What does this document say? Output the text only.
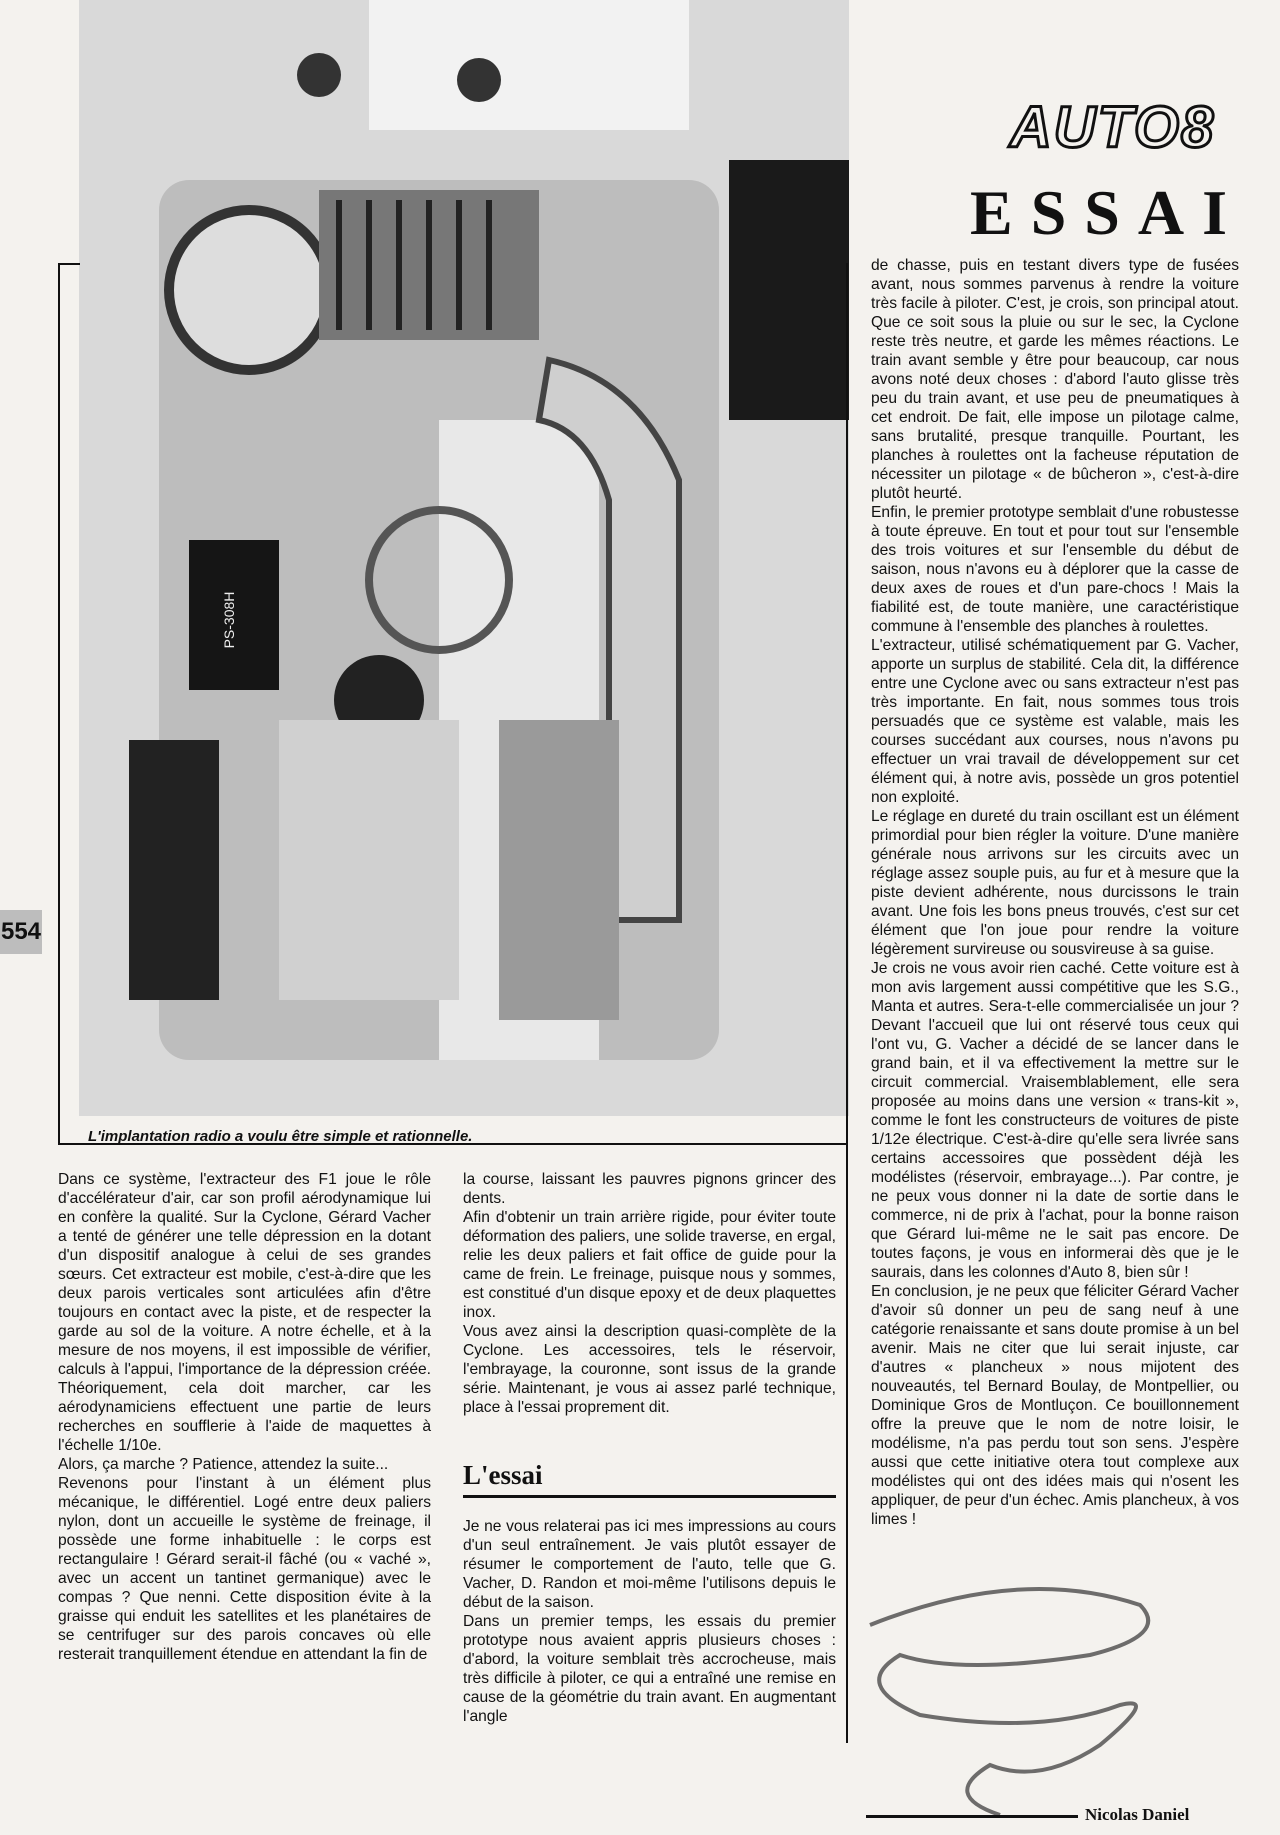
PS-308H
L'implantation radio a voulu être simple et rationnelle.
AUTO8
ESSAI
554

de chasse, puis en testant divers type de fusées avant, nous sommes parvenus à rendre la voiture très facile à piloter. C'est, je crois, son principal atout. Que ce soit sous la pluie ou sur le sec, la Cyclone reste très neutre, et garde les mêmes réactions. Le train avant semble y être pour beaucoup, car nous avons noté deux choses : d'abord l'auto glisse très peu du train avant, et use peu de pneumatiques à cet endroit. De fait, elle impose un pilotage calme, sans brutalité, presque tranquille. Pourtant, les planches à roulettes ont la facheuse réputation de nécessiter un pilotage « de bûcheron », c'est-à-dire plutôt heurté.

Enfin, le premier prototype semblait d'une robustesse à toute épreuve. En tout et pour tout sur l'ensemble des trois voitures et sur l'ensemble du début de saison, nous n'avons eu à déplorer que la casse de deux axes de roues et d'un pare-chocs ! Mais la fiabilité est, de toute manière, une caractéristique commune à l'ensemble des planches à roulettes.

L'extracteur, utilisé schématiquement par G. Vacher, apporte un surplus de stabilité. Cela dit, la différence entre une Cyclone avec ou sans extracteur n'est pas très importante. En fait, nous sommes tous trois persuadés que ce système est valable, mais les courses succédant aux courses, nous n'avons pu effectuer un vrai travail de développement sur cet élément qui, à notre avis, possède un gros potentiel non exploité.

Le réglage en dureté du train oscillant est un élément primordial pour bien régler la voiture. D'une manière générale nous arrivons sur les circuits avec un réglage assez souple puis, au fur et à mesure que la piste devient adhérente, nous durcissons le train avant. Une fois les bons pneus trouvés, c'est sur cet élément que l'on joue pour rendre la voiture légèrement survireuse ou sousvireuse à sa guise.

Je crois ne vous avoir rien caché. Cette voiture est à mon avis largement aussi compétitive que les S.G., Manta et autres. Sera-t-elle commercialisée un jour ? Devant l'accueil que lui ont réservé tous ceux qui l'ont vu, G. Vacher a décidé de se lancer dans le grand bain, et il va effectivement la mettre sur le circuit commercial. Vraisemblablement, elle sera proposée au moins dans une version « trans-kit », comme le font les constructeurs de voitures de piste 1/12e électrique. C'est-à-dire qu'elle sera livrée sans certains accessoires que possèdent déjà les modélistes (réservoir, embrayage...). Par contre, je ne peux vous donner ni la date de sortie dans le commerce, ni de prix à l'achat, pour la bonne raison que Gérard lui-même ne le sait pas encore. De toutes façons, je vous en informerai dès que je le saurais, dans les colonnes d'Auto 8, bien sûr !

En conclusion, je ne peux que féliciter Gérard Vacher d'avoir sû donner un peu de sang neuf à une catégorie renaissante et sans doute promise à un bel avenir. Mais ne citer que lui serait injuste, car d'autres « plancheux » nous mijotent des nouveautés, tel Bernard Boulay, de Montpellier, ou Dominique Gros de Montluçon. Ce bouillonnement offre la preuve que le nom de notre loisir, le modélisme, n'a pas perdu tout son sens. J'espère aussi que cette initiative otera tout complexe aux modélistes qui ont des idées mais qui n'osent les appliquer, de peur d'un échec. Amis plancheux, à vos limes !

Dans ce système, l'extracteur des F1 joue le rôle d'accélérateur d'air, car son profil aérodynamique lui en confère la qualité. Sur la Cyclone, Gérard Vacher a tenté de générer une telle dépression en la dotant d'un dispositif analogue à celui de ses grandes sœurs. Cet extracteur est mobile, c'est-à-dire que les deux parois verticales sont articulées afin d'être toujours en contact avec la piste, et de respecter la garde au sol de la voiture. A notre échelle, et à la mesure de nos moyens, il est impossible de vérifier, calculs à l'appui, l'importance de la dépression créée. Théoriquement, cela doit marcher, car les aérodynamiciens effectuent une partie de leurs recherches en soufflerie à l'aide de maquettes à l'échelle 1/10e.

Alors, ça marche ? Patience, attendez la suite...

Revenons pour l'instant à un élément plus mécanique, le différentiel. Logé entre deux paliers nylon, dont un accueille le système de freinage, il possède une forme inhabituelle : le corps est rectangulaire ! Gérard serait-il fâché (ou « vaché », avec un accent un tantinet germanique) avec le compas ? Que nenni. Cette disposition évite à la graisse qui enduit les satellites et les planétaires de se centrifuger sur des parois concaves où elle resterait tranquillement étendue en attendant la fin de

la course, laissant les pauvres pignons grincer des dents.

Afin d'obtenir un train arrière rigide, pour éviter toute déformation des paliers, une solide traverse, en ergal, relie les deux paliers et fait office de guide pour la came de frein. Le freinage, puisque nous y sommes, est constitué d'un disque epoxy et de deux plaquettes inox.

Vous avez ainsi la description quasi-complète de la Cyclone. Les accessoires, tels le réservoir, l'embrayage, la couronne, sont issus de la grande série. Maintenant, je vous ai assez parlé technique, place à l'essai proprement dit.

L'essai

Je ne vous relaterai pas ici mes impressions au cours d'un seul entraînement. Je vais plutôt essayer de résumer le comportement de l'auto, telle que G. Vacher, D. Randon et moi-même l'utilisons depuis le début de la saison.

Dans un premier temps, les essais du premier prototype nous avaient appris plusieurs choses : d'abord, la voiture semblait très accrocheuse, mais très difficile à piloter, ce qui a entraîné une remise en cause de la géométrie du train avant. En augmentant l'angle

Nicolas Daniel
